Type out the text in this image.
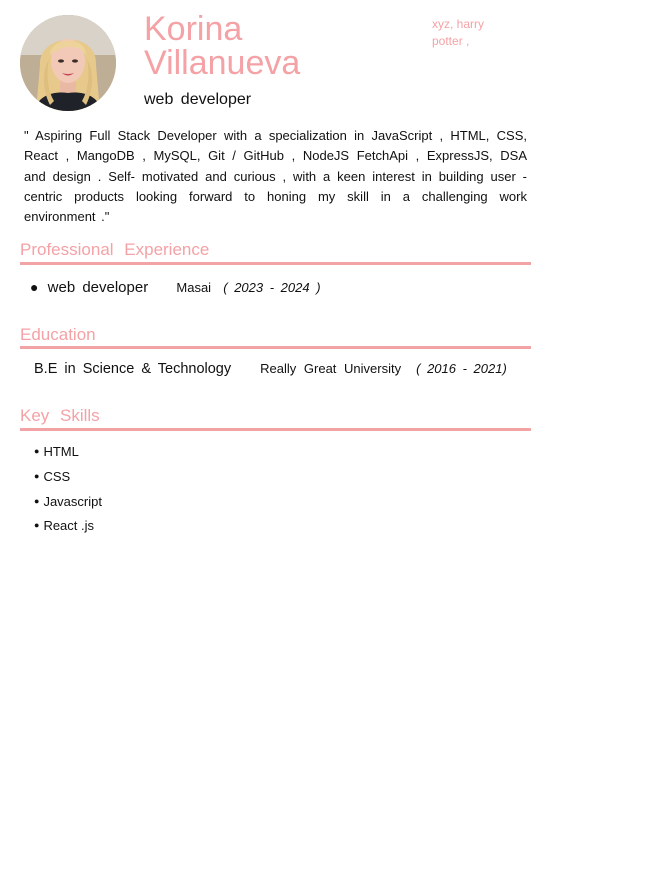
Korina
Villanueva
web developer
xyz, harry
potter ,
" Aspiring Full Stack Developer with a specialization in JavaScript , HTML, CSS, React , MangoDB , MySQL, Git / GitHub , NodeJS FetchApi , ExpressJS, DSA and design . Self- motivated and curious , with a keen interest in building user - centric products looking forward to honing my skill in a challenging work environment ."
Professional Experience
● web developer Masai ( 2023 - 2024 )
Education
B.E in Science & Technology Really Great University ( 2016 - 2021)
Key Skills
● HTML
● CSS
● Javascript
● React .js
